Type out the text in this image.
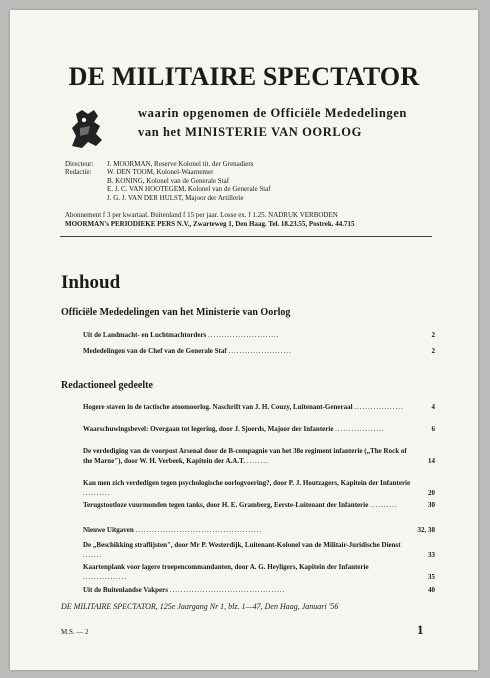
DE MILITAIRE SPECTATOR
waarin opgenomen de Officiële Mededelingen
van het MINISTERIE VAN OORLOG
Directeur:	J. MOORMAN, Reserve Kolonel tit. der Grenadiers
Redactie:	W. DEN TOOM, Kolonel-Waarnemer
B. KONING, Kolonel van de Generale Staf
E. J. C. VAN HOOTEGEM, Kolonel van de Generale Staf
J. G. J. VAN DER HULST, Majoor der Artillerie
Abonnement f 3 per kwartaal. Buitenland f 15 per jaar. Losse ex. f 1.25. NADRUK VERBODEN
MOORMAN's PERIODIEKE PERS N.V., Zwarteweg 1, Den Haag. Tel. 18.23.55, Postrek. 44.715
Inhoud
Officiële Mededelingen van het Ministerie van Oorlog
Uit de Landmacht- en Luchtmachtorders ..........................	2
Mededelingen van de Chef van de Generale Staf .......................	2
Redactioneel gedeelte
Hogere staven in de tactische atoomoorlog. Naschrift van J. H. Couzy, Luitenant-Generaal ..................	4
Waarschuwingsbevel: Overgaan tot legering, door J. Sjoerds, Majoor der Infanterie ..................	6
De verdediging van de voorpost Arsenal door de B-compagnie van het 38e regiment infanterie („The Rock of the Marne"), door W. H. Verbeek, Kapitein der A.A.T. ........	14
Kan men zich verdedigen tegen psychologische oorlogvoering?, door P. J. Houtzagers, Kapitein der Infanterie ..........	20
Terugstootloze vuurmonden tegen tanks, door H. E. Gramberg, Eerste-Luitenant der Infanterie ..........	30
Nieuwe Uitgaven ..............................................	32, 38
De „Beschikking straflijsten", door Mr P. Westerdijk, Luitenant-Kolonel van de Militair-Juridische Dienst .......	33
Kaartenplank voor lagere troepencommandanten, door A. G. Heyligers, Kapitein der Infanterie ................	35
Uit de Buitenlandse Vakpers ..........................................	40
DE MILITAIRE SPECTATOR, 125e Jaargang Nr 1, blz. 1—47, Den Haag, Januari '56
M.S. — 2	1
